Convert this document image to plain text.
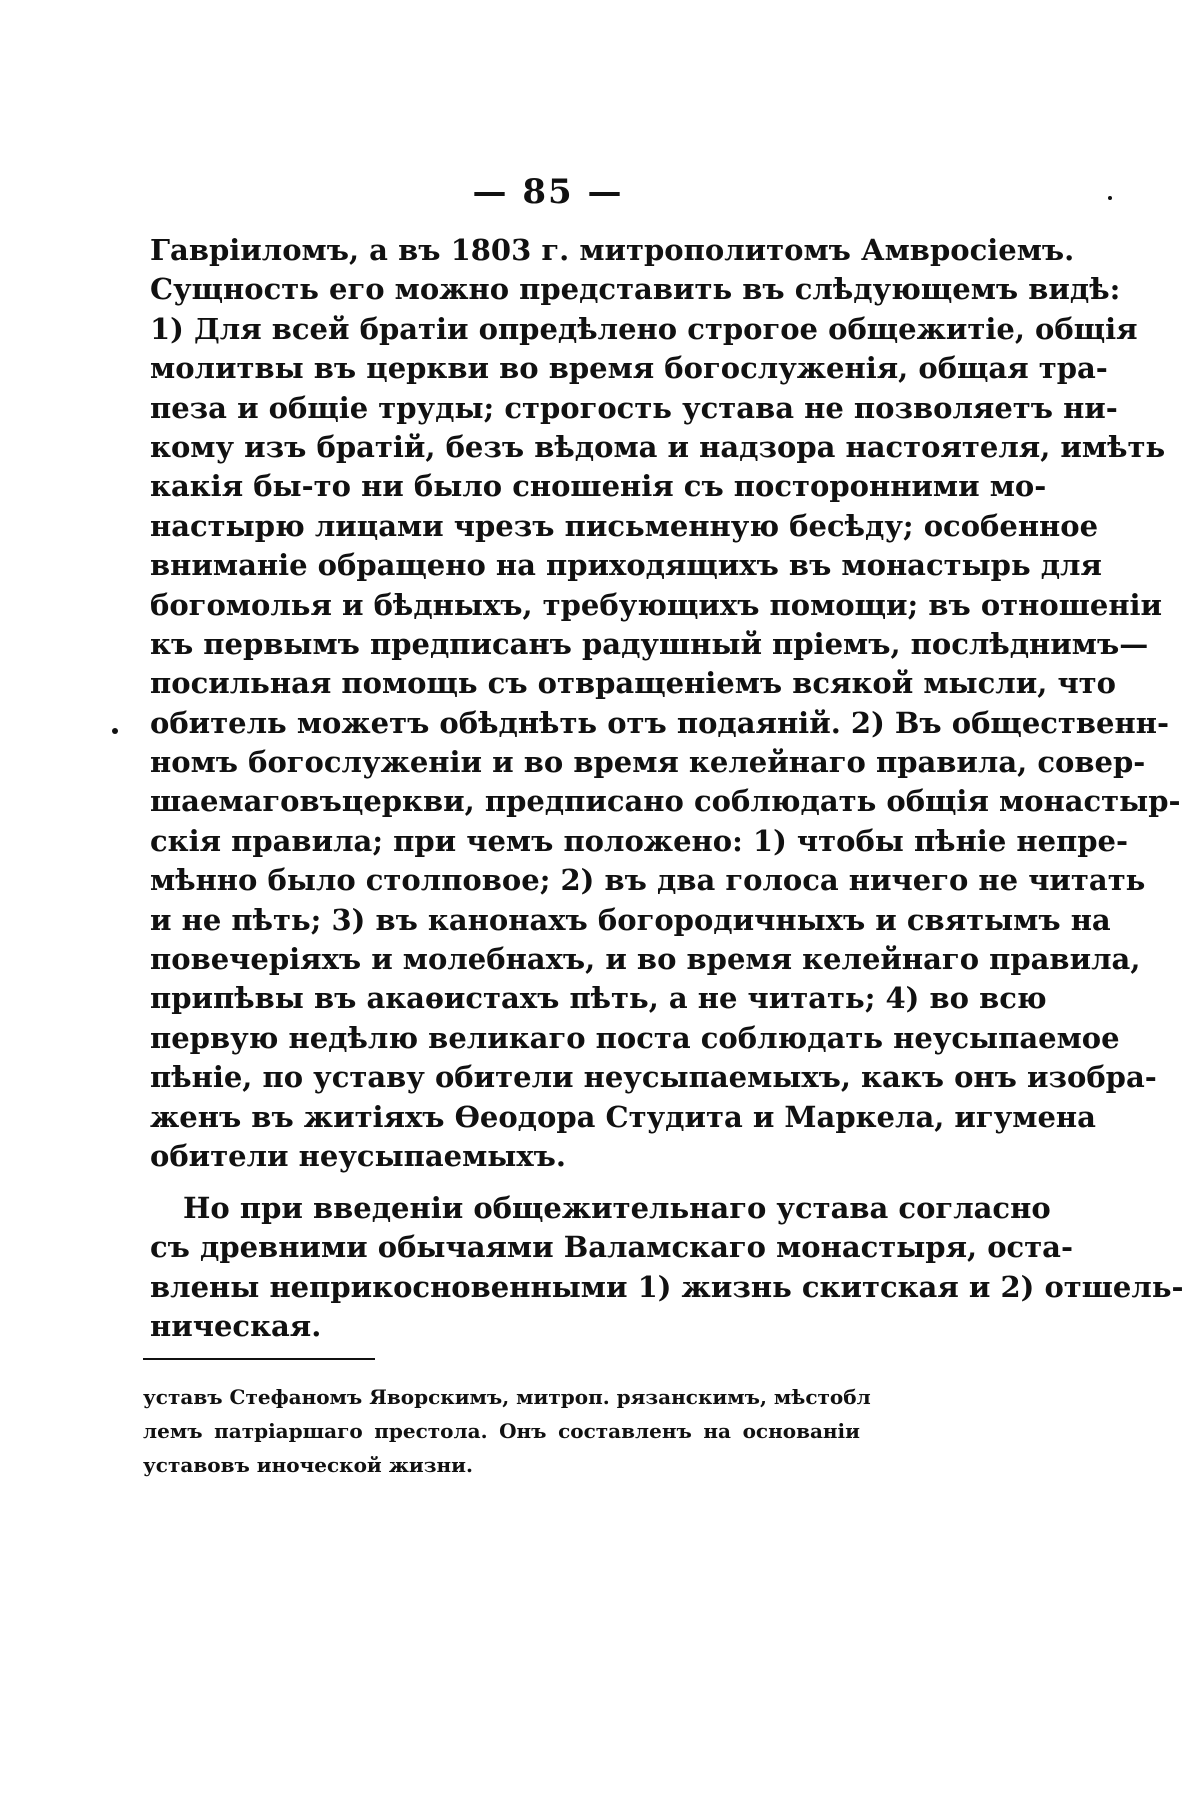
— 85 —
Гавріиломъ, а въ 1803 г. митрополитомъ Амвросіемъ.
Сущность его можно представить въ слѣдующемъ видѣ:
1) Для всей братіи опредѣлено строгое общежитіе, общія
молитвы въ церкви во время богослуженія, общая тра-
пеза и общіе труды; строгость устава не позволяетъ ни-
кому изъ братій, безъ вѣдома и надзора настоятеля, имѣть
какія бы-то ни было сношенія съ посторонними мо-
настырю лицами чрезъ письменную бесѣду; особенное
вниманіе обращено на приходящихъ въ монастырь для
богомолья и бѣдныхъ, требующихъ помощи; въ отношеніи
къ первымъ предписанъ радушный пріемъ, послѣднимъ—
посильная помощь съ отвращеніемъ всякой мысли, что
обитель можетъ обѣднѣть отъ подаяній. 2) Въ общественн-
номъ богослуженіи и во время келейнаго правила, совер-
шаемаговъцеркви, предписано соблюдать общія монастыр-
скія правила; при чемъ положено: 1) чтобы пѣніе непре-
мѣнно было столповое; 2) въ два голоса ничего не читать
и не пѣть; 3) въ канонахъ богородичныхъ и святымъ на
повечеріяхъ и молебнахъ, и во время келейнаго правила,
припѣвы въ акаѳистахъ пѣть, а не читать; 4) во всю
первую недѣлю великаго поста соблюдать неусыпаемое
пѣніе, по уставу обители неусыпаемыхъ, какъ онъ изобра-
женъ въ житіяхъ Ѳеодора Студита и Маркела, игумена
обители неусыпаемыхъ.
Но при введеніи общежительнаго устава согласно
съ древними обычаями Валамскаго монастыря, оста-
влены неприкосновенными 1) жизнь скитская и 2) отшель-
ническая.
уставъ Стефаномъ Яворскимъ, митроп. рязанскимъ, мѣстобл
лемъ патріаршаго престола. Онъ составленъ на основаніи
уставовъ иноческой жизни.
